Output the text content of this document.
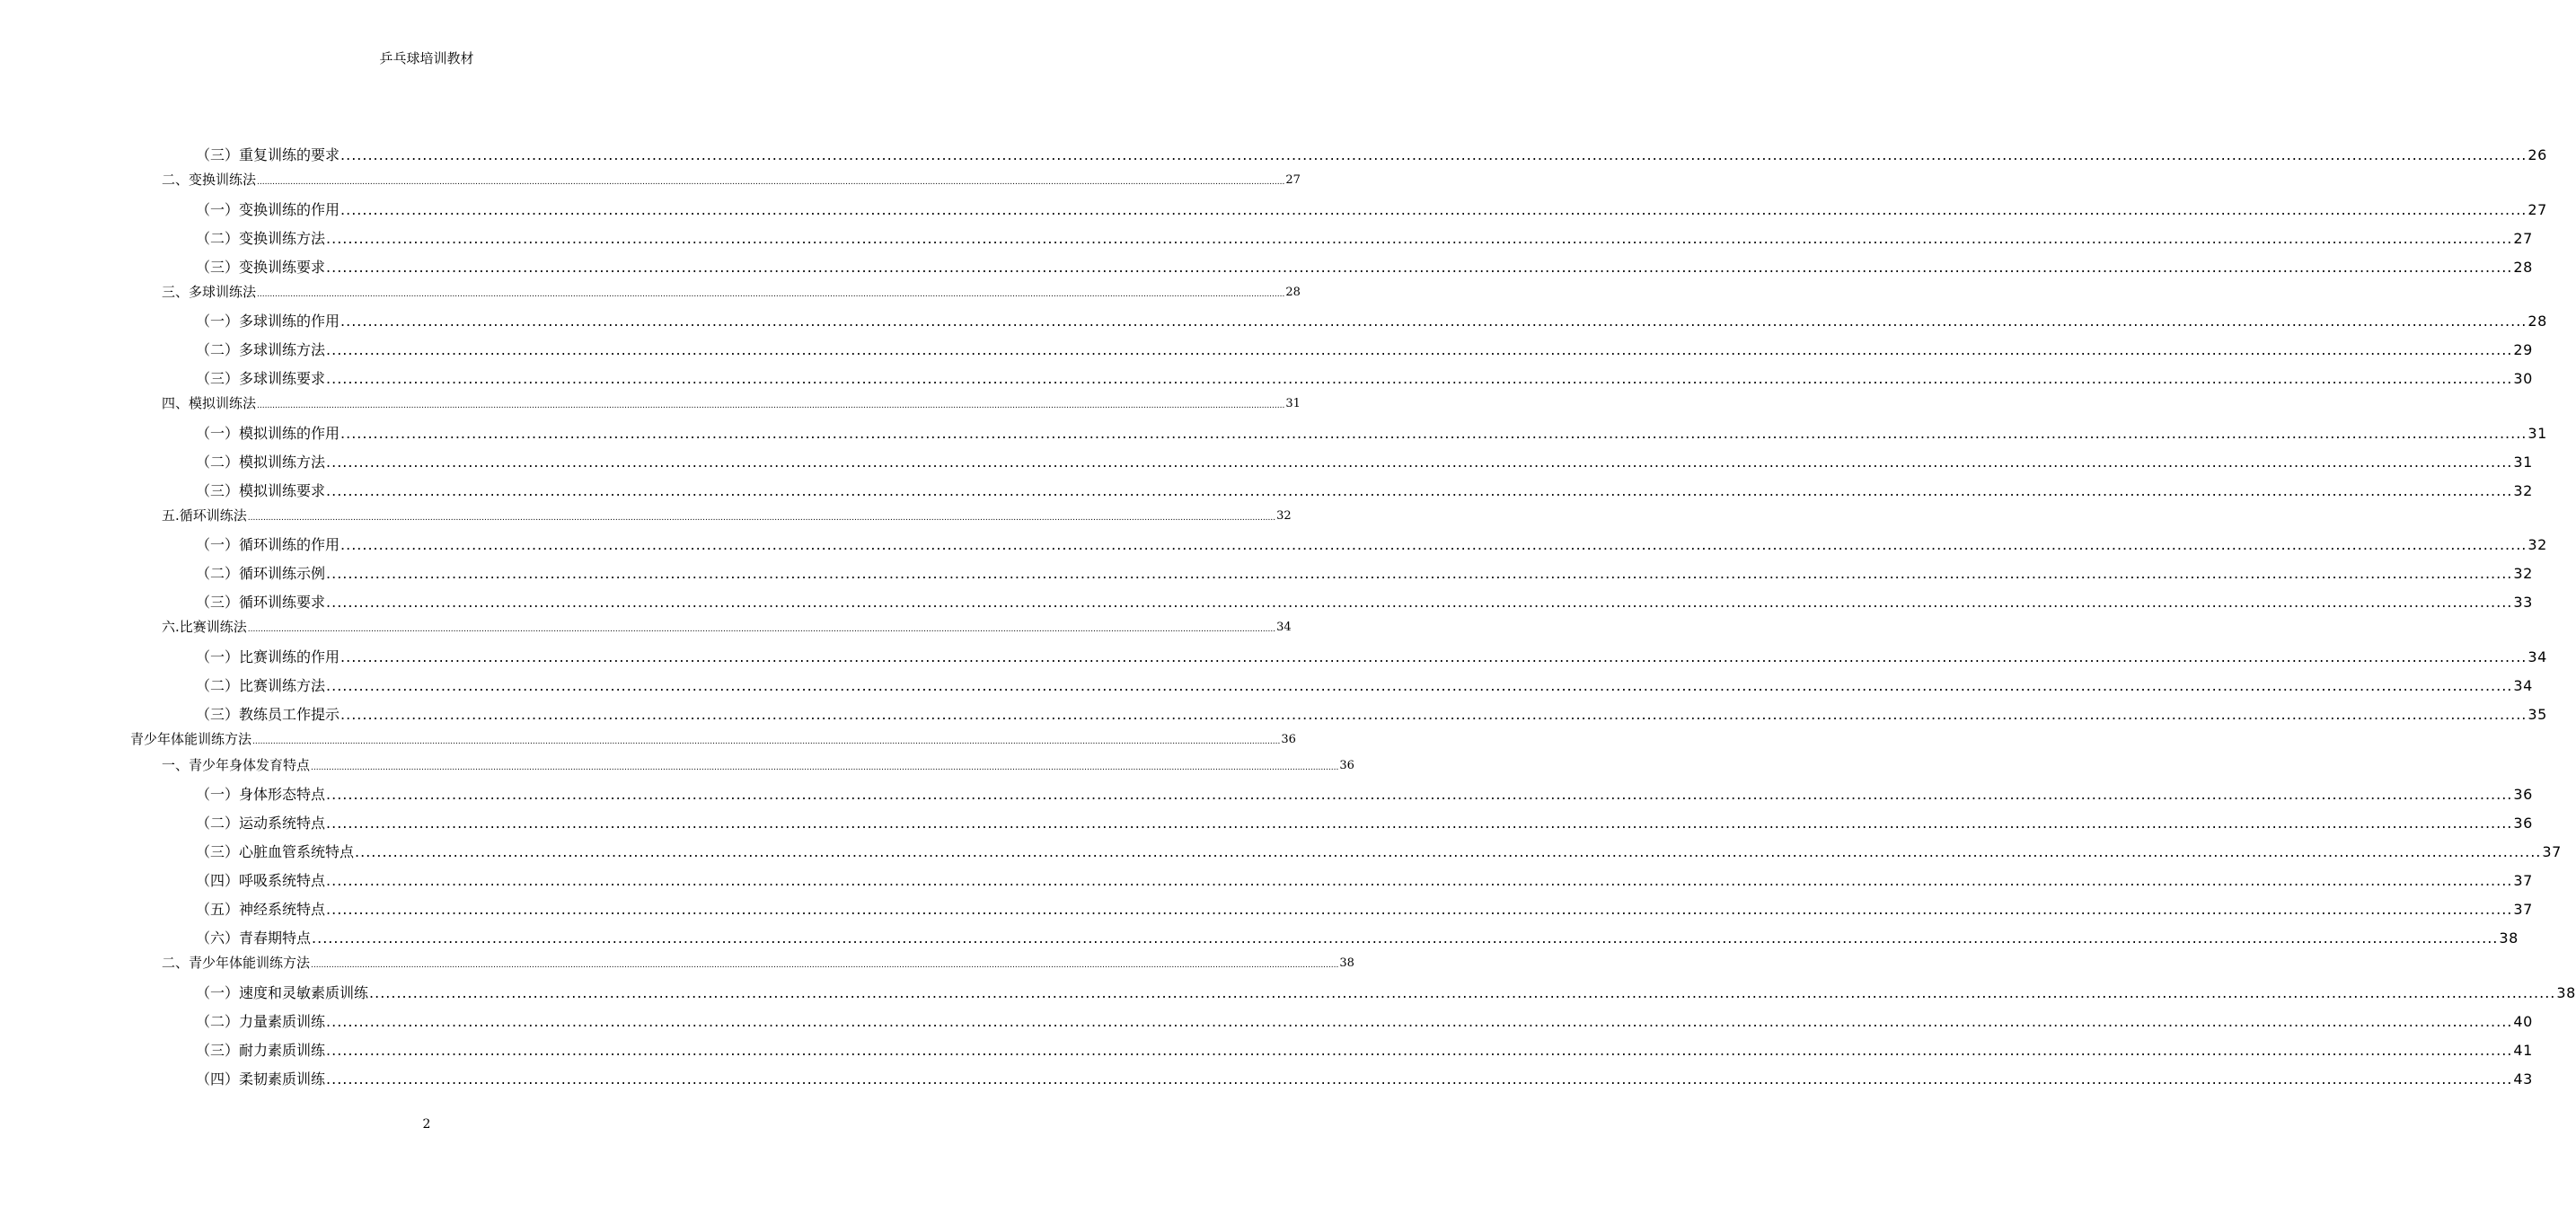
乒乓球培训教材
（三）重复训练的要求 ................................................................................................................................................................................................................................................................................................................................................................................................................ 26
二、变换训练法 ................................................................................................................................................................................................................................................................................................................................................................................................................ 27
（一）变换训练的作用 ................................................................................................................................................................................................................................................................................................................................................................................................................ 27
（二）变换训练方法 ................................................................................................................................................................................................................................................................................................................................................................................................................ 27
（三）变换训练要求 ................................................................................................................................................................................................................................................................................................................................................................................................................ 28
三、多球训练法 ................................................................................................................................................................................................................................................................................................................................................................................................................ 28
（一）多球训练的作用 ................................................................................................................................................................................................................................................................................................................................................................................................................ 28
（二）多球训练方法 ................................................................................................................................................................................................................................................................................................................................................................................................................ 29
（三）多球训练要求 ................................................................................................................................................................................................................................................................................................................................................................................................................ 30
四、模拟训练法 ................................................................................................................................................................................................................................................................................................................................................................................................................ 31
（一）模拟训练的作用 ................................................................................................................................................................................................................................................................................................................................................................................................................ 31
（二）模拟训练方法 ................................................................................................................................................................................................................................................................................................................................................................................................................ 31
（三）模拟训练要求 ................................................................................................................................................................................................................................................................................................................................................................................................................ 32
五.循环训练法 ................................................................................................................................................................................................................................................................................................................................................................................................................ 32
（一）循环训练的作用 ................................................................................................................................................................................................................................................................................................................................................................................................................ 32
（二）循环训练示例 ................................................................................................................................................................................................................................................................................................................................................................................................................ 32
（三）循环训练要求 ................................................................................................................................................................................................................................................................................................................................................................................................................ 33
六.比赛训练法 ................................................................................................................................................................................................................................................................................................................................................................................................................ 34
（一）比赛训练的作用 ................................................................................................................................................................................................................................................................................................................................................................................................................ 34
（二）比赛训练方法 ................................................................................................................................................................................................................................................................................................................................................................................................................ 34
（三）教练员工作提示 ................................................................................................................................................................................................................................................................................................................................................................................................................ 35
青少年体能训练方法 ................................................................................................................................................................................................................................................................................................................................................................................................................ 36
一、青少年身体发育特点 ................................................................................................................................................................................................................................................................................................................................................................................................................ 36
（一）身体形态特点 ................................................................................................................................................................................................................................................................................................................................................................................................................ 36
（二）运动系统特点 ................................................................................................................................................................................................................................................................................................................................................................................................................ 36
（三）心脏血管系统特点 ................................................................................................................................................................................................................................................................................................................................................................................................................ 37
（四）呼吸系统特点 ................................................................................................................................................................................................................................................................................................................................................................................................................ 37
（五）神经系统特点 ................................................................................................................................................................................................................................................................................................................................................................................................................ 37
（六）青春期特点 ................................................................................................................................................................................................................................................................................................................................................................................................................ 38
二、青少年体能训练方法 ................................................................................................................................................................................................................................................................................................................................................................................................................ 38
（一）速度和灵敏素质训练 ................................................................................................................................................................................................................................................................................................................................................................................................................ 38
（二）力量素质训练 ................................................................................................................................................................................................................................................................................................................................................................................................................ 40
（三）耐力素质训练 ................................................................................................................................................................................................................................................................................................................................................................................................................ 41
（四）柔韧素质训练 ................................................................................................................................................................................................................................................................................................................................................................................................................ 43
2
